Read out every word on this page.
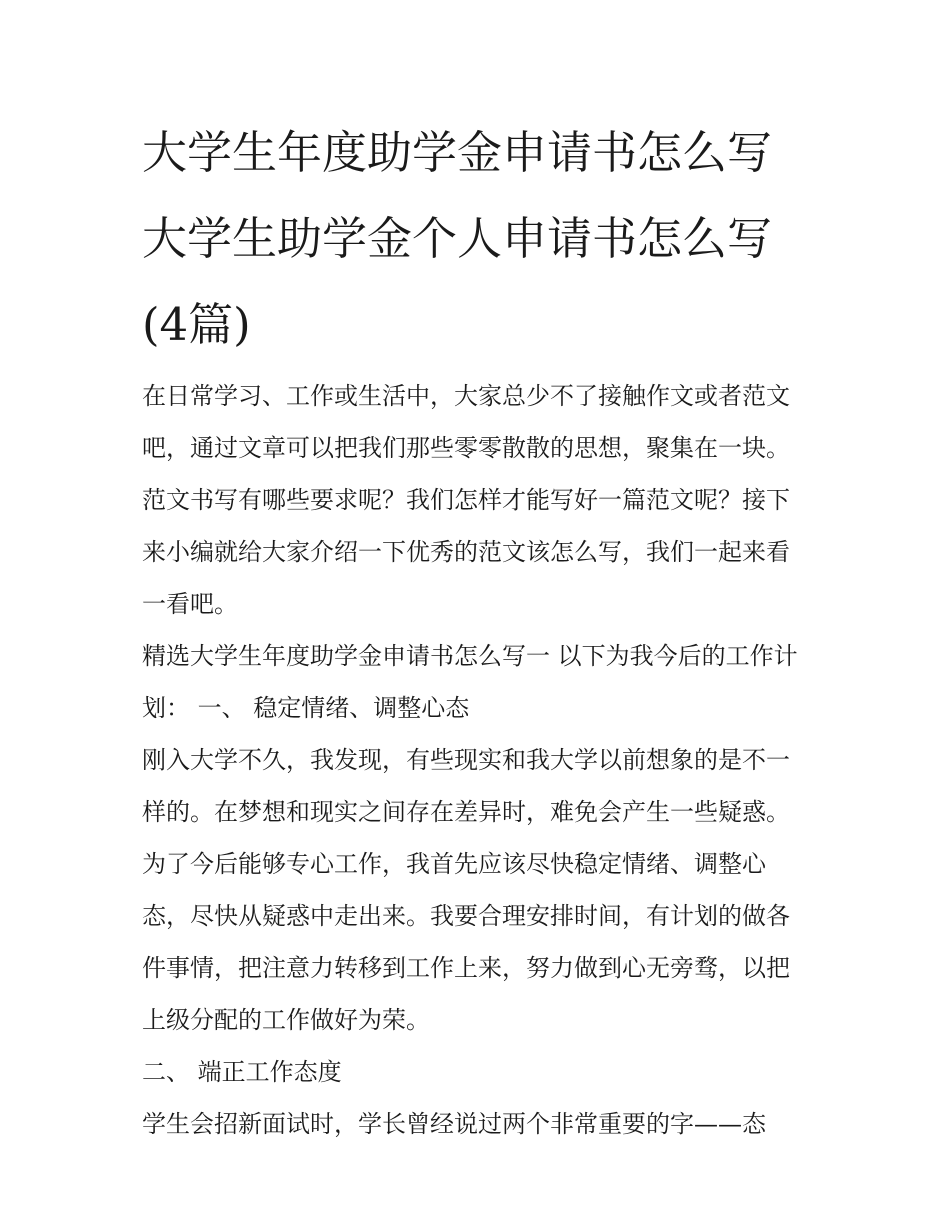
大学生年度助学金申请书怎么写 大学生助学金个人申请书怎么写(4篇)

在日常学习、工作或生活中，大家总少不了接触作文或者范文吧，通过文章可以把我们那些零零散散的思想，聚集在一块。范文书写有哪些要求呢？我们怎样才能写好一篇范文呢？接下来小编就给大家介绍一下优秀的范文该怎么写，我们一起来看一看吧。

精选大学生年度助学金申请书怎么写一 以下为我今后的工作计划： 一、 稳定情绪、调整心态

刚入大学不久，我发现，有些现实和我大学以前想象的是不一样的。在梦想和现实之间存在差异时，难免会产生一些疑惑。为了今后能够专心工作，我首先应该尽快稳定情绪、调整心态，尽快从疑惑中走出来。我要合理安排时间，有计划的做各件事情，把注意力转移到工作上来，努力做到心无旁骛，以把上级分配的工作做好为荣。

二、 端正工作态度

学生会招新面试时，学长曾经说过两个非常重要的字——态
